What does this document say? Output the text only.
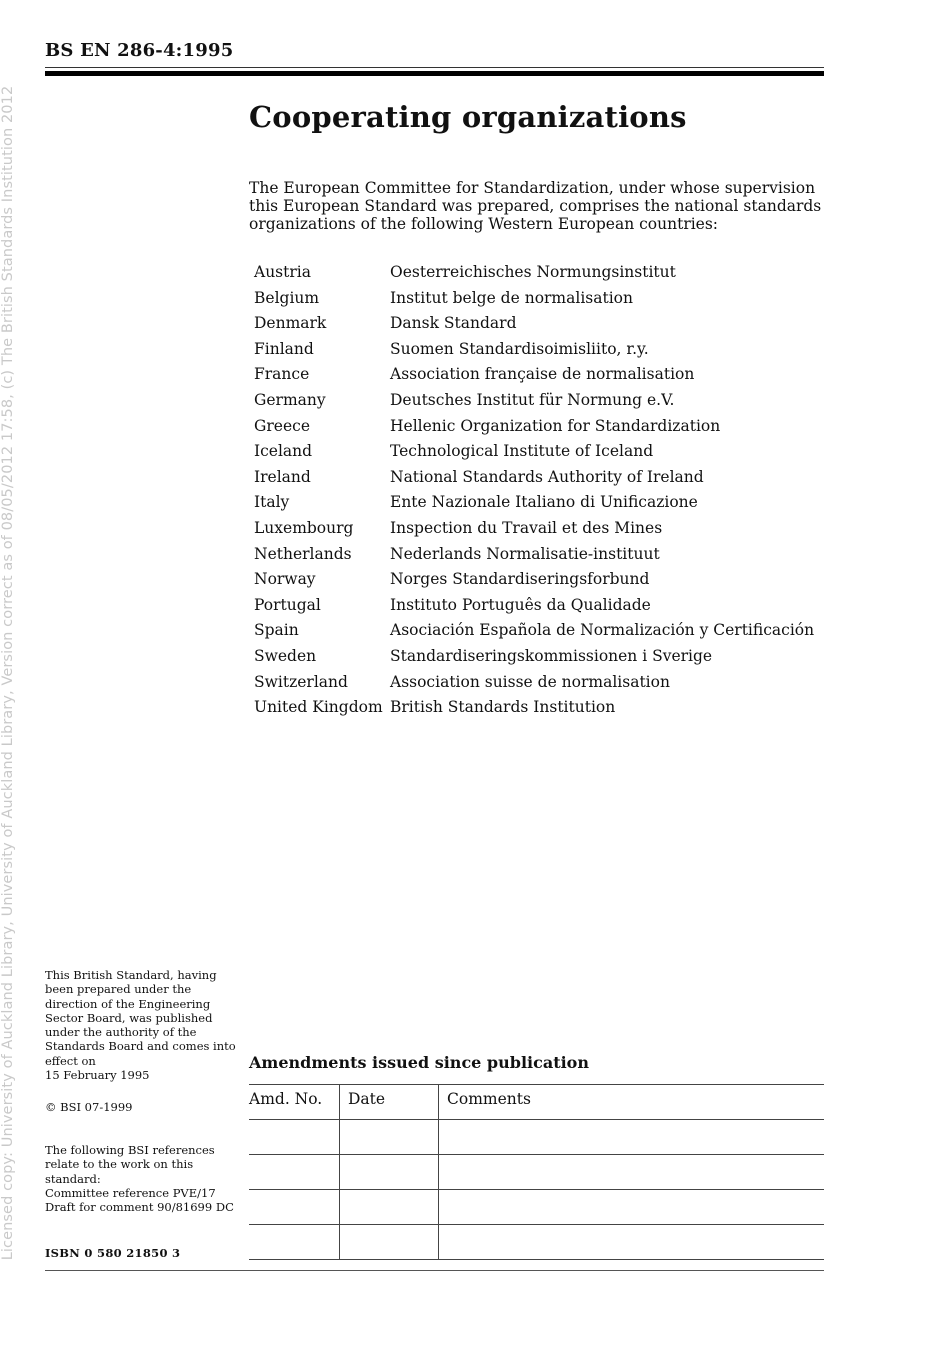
Licensed copy: University of Auckland Library, University of Auckland Library, Version correct as of 08/05/2012 17:58, (c) The British Standards Institution 2012
BS EN 286-4:1995
Cooperating organizations
The European Committee for Standardization, under whose supervision this European Standard was prepared, comprises the national standards organizations of the following Western European countries:
Austria	Oesterreichisches Normungsinstitut
Belgium	Institut belge de normalisation
Denmark	Dansk Standard
Finland	Suomen Standardisoimisliito, r.y.
France	Association française de normalisation
Germany	Deutsches Institut für Normung e.V.
Greece	Hellenic Organization for Standardization
Iceland	Technological Institute of Iceland
Ireland	National Standards Authority of Ireland
Italy	Ente Nazionale Italiano di Unificazione
Luxembourg	Inspection du Travail et des Mines
Netherlands	Nederlands Normalisatie-instituut
Norway	Norges Standardiseringsforbund
Portugal	Instituto Português da Qualidade
Spain	Asociación Española de Normalización y Certificación
Sweden	Standardiseringskommissionen i Sverige
Switzerland	Association suisse de normalisation
United Kingdom British Standards Institution
This British Standard, having been prepared under the direction of the Engineering Sector Board, was published under the authority of the Standards Board and comes into effect on
15 February 1995
© BSI 07-1999
The following BSI references relate to the work on this standard:
Committee reference PVE/17
Draft for comment 90/81699 DC
ISBN 0 580 21850 3
Amendments issued since publication
Amd. No.	Date	Comments
